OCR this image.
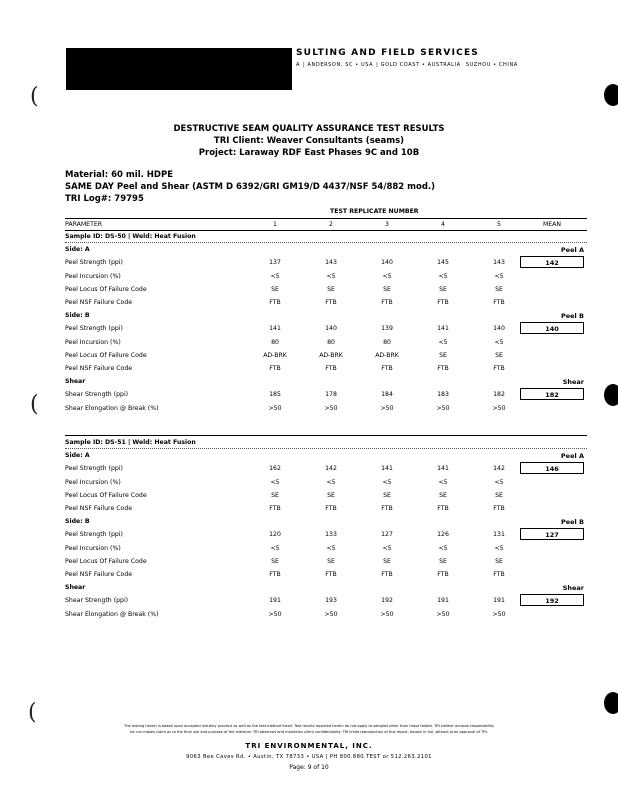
SULTING AND FIELD SERVICES
A | ANDERSON, SC • USA | GOLD COAST • AUSTRALIA SUZHOU • CHINA
(
(
(
DESTRUCTIVE SEAM QUALITY ASSURANCE TEST RESULTS
TRI Client: Weaver Consultants (seams)
Project: Laraway RDF East Phases 9C and 10B
Material: 60 mil. HDPE
SAME DAY Peel and Shear (ASTM D 6392/GRI GM19/D 4437/NSF 54/882 mod.)
TRI Log#: 79795
TEST REPLICATE NUMBER
PARAMETER	1	2	3	4	5	MEAN
Sample ID: DS-50 | Weld: Heat Fusion
Side: A	Peel A
Peel Strength (ppi)	137	143	140	145	143	142
Peel Incursion (%)	<5	<5	<5	<5	<5
Peel Locus Of Failure Code	SE	SE	SE	SE	SE
Peel NSF Failure Code	FTB	FTB	FTB	FTB	FTB
Side: B	Peel B
Peel Strength (ppi)	141	140	139	141	140	140
Peel Incursion (%)	80	80	80	<5	<5
Peel Locus Of Failure Code	AD-BRK	AD-BRK	AD-BRK	SE	SE
Peel NSF Failure Code	FTB	FTB	FTB	FTB	FTB
Shear	Shear
Shear Strength (ppi)	185	178	184	183	182	182
Shear Elongation @ Break (%)	>50	>50	>50	>50	>50
Sample ID: DS-51 | Weld: Heat Fusion
Side: A	Peel A
Peel Strength (ppi)	162	142	141	141	142	146
Peel Incursion (%)	<5	<5	<5	<5	<5
Peel Locus Of Failure Code	SE	SE	SE	SE	SE
Peel NSF Failure Code	FTB	FTB	FTB	FTB	FTB
Side: B	Peel B
Peel Strength (ppi)	120	133	127	126	131	127
Peel Incursion (%)	<5	<5	<5	<5	<5
Peel Locus Of Failure Code	SE	SE	SE	SE	SE
Peel NSF Failure Code	FTB	FTB	FTB	FTB	FTB
Shear	Shear
Shear Strength (ppi)	191	193	192	191	191	192
Shear Elongation @ Break (%)	>50	>50	>50	>50	>50
The testing herein is based upon accepted industry practice as well as the test method listed. Test results reported herein do not apply to samples other than those tested. TRI neither accepts responsibility
for nor makes claim as to the final use and purpose of the material. TRI observes and maintains client confidentiality. TRI limits reproduction of this report, except in full, without prior approval of TRI.
TRI ENVIRONMENTAL, INC.
9063 Bee Caves Rd. • Austin, TX 78733 • USA | PH 800.880.TEST or 512.263.2101
Page: 9 of 10
